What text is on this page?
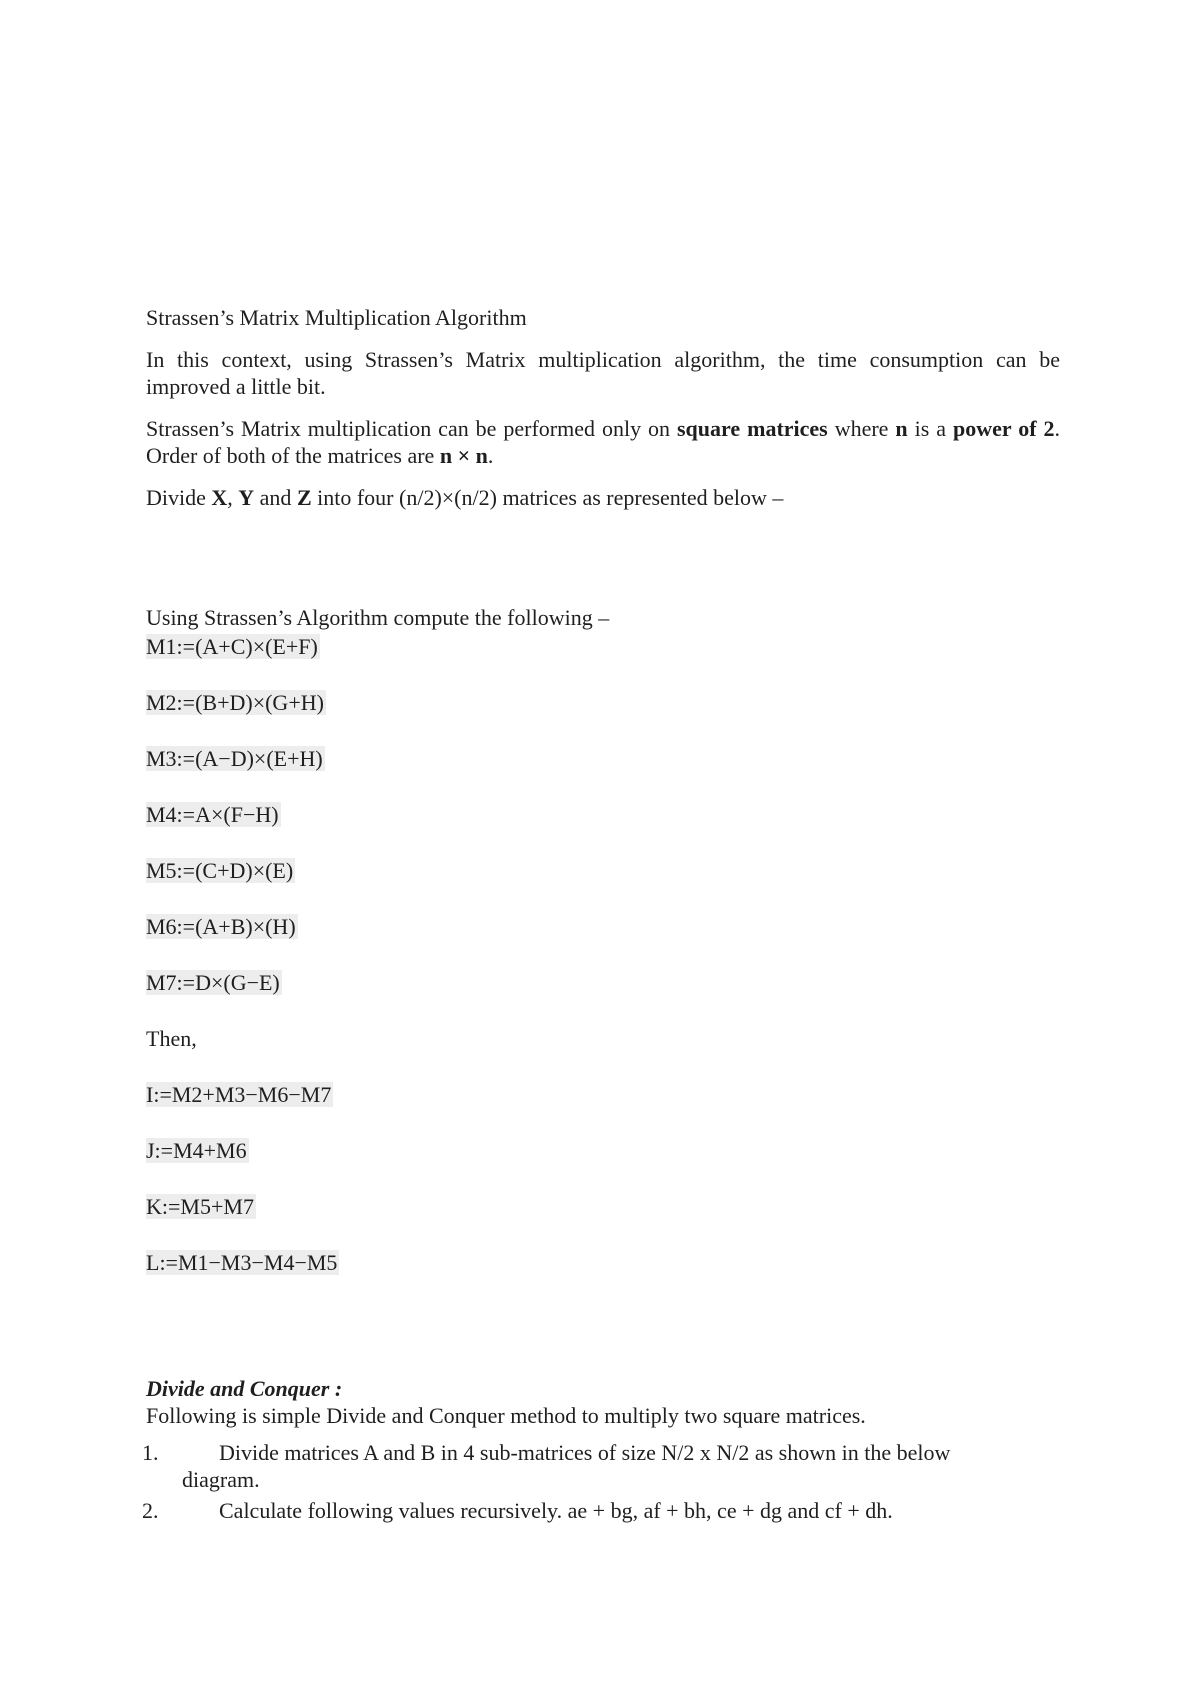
Strassen’s Matrix Multiplication Algorithm

In this context, using Strassen’s Matrix multiplication algorithm, the time consumption can be improved a little bit.

Strassen’s Matrix multiplication can be performed only on square matrices where n is a power of 2. Order of both of the matrices are n × n.

Divide X, Y and Z into four (n/2)×(n/2) matrices as represented below –

Using Strassen’s Algorithm compute the following –

M1:=(A+C)×(E+F)
M2:=(B+D)×(G+H)
M3:=(A−D)×(E+H)
M4:=A×(F−H)
M5:=(C+D)×(E)
M6:=(A+B)×(H)
M7:=D×(G−E)

Then,

I:=M2+M3−M6−M7
J:=M4+M6
K:=M5+M7
L:=M1−M3−M4−M5

Divide and Conquer :

Following is simple Divide and Conquer method to multiply two square matrices.

1.	Divide matrices A and B in 4 sub-matrices of size N/2 x N/2 as shown in the below
diagram.
2.	Calculate following values recursively. ae + bg, af + bh, ce + dg and cf + dh.
